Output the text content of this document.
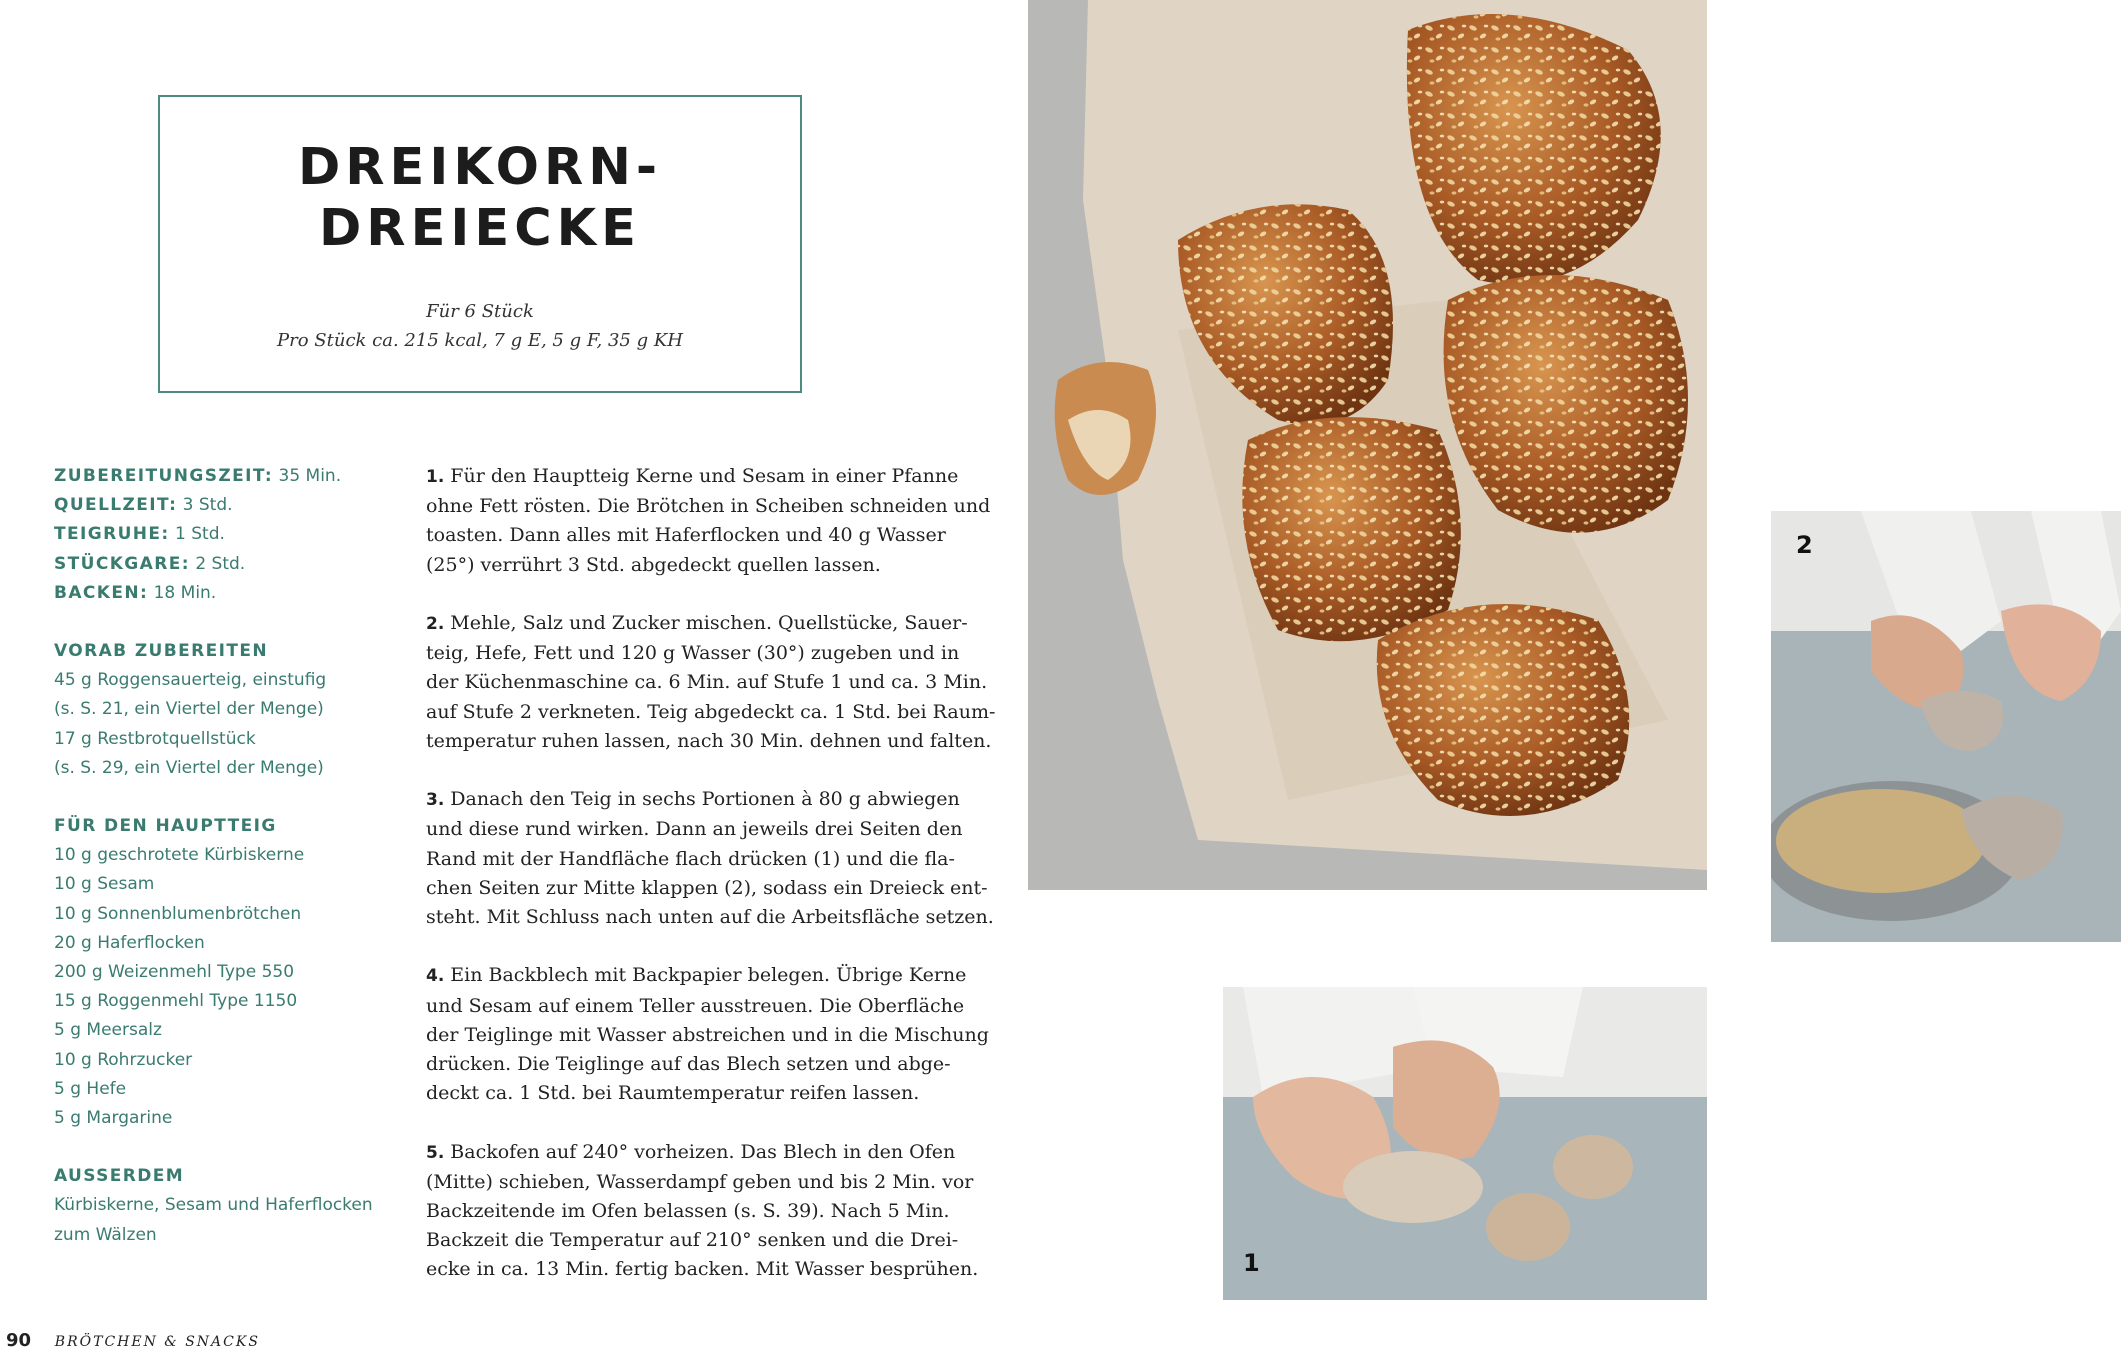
DREIKORN-
DREIECKE
Für 6 Stück
Pro Stück ca. 215 kcal, 7 g E, 5 g F, 35 g KH
ZUBEREITUNGSZEIT: 35 Min.
QUELLZEIT: 3 Std.
TEIGRUHE: 1 Std.
STÜCKGARE: 2 Std.
BACKEN: 18 Min.
VORAB ZUBEREITEN
45 g Roggensauerteig, einstufig
(s. S. 21, ein Viertel der Menge)
17 g Restbrotquellstück
(s. S. 29, ein Viertel der Menge)
FÜR DEN HAUPTTEIG
10 g geschrotete Kürbiskerne
10 g Sesam
10 g Sonnenblumenbrötchen
20 g Haferflocken
200 g Weizenmehl Type 550
15 g Roggenmehl Type 1150
5 g Meersalz
10 g Rohrzucker
5 g Hefe
5 g Margarine
AUSSERDEM
Kürbiskerne, Sesam und Haferflocken
zum Wälzen
1. Für den Hauptteig Kerne und Sesam in einer Pfanne
ohne Fett rösten. Die Brötchen in Scheiben schneiden und
toasten. Dann alles mit Haferflocken und 40 g Wasser
(25°) verrührt 3 Std. abgedeckt quellen lassen.
2. Mehle, Salz und Zucker mischen. Quellstücke, Sauer-
teig, Hefe, Fett und 120 g Wasser (30°) zugeben und in
der Küchenmaschine ca. 6 Min. auf Stufe 1 und ca. 3 Min.
auf Stufe 2 verkneten. Teig abgedeckt ca. 1 Std. bei Raum-
temperatur ruhen lassen, nach 30 Min. dehnen und falten.
3. Danach den Teig in sechs Portionen à 80 g abwiegen
und diese rund wirken. Dann an jeweils drei Seiten den
Rand mit der Handfläche flach drücken (1) und die fla-
chen Seiten zur Mitte klappen (2), sodass ein Dreieck ent-
steht. Mit Schluss nach unten auf die Arbeitsfläche setzen.
4. Ein Backblech mit Backpapier belegen. Übrige Kerne
und Sesam auf einem Teller ausstreuen. Die Oberfläche
der Teiglinge mit Wasser abstreichen und in die Mischung
drücken. Die Teiglinge auf das Blech setzen und abge-
deckt ca. 1 Std. bei Raumtemperatur reifen lassen.
5. Backofen auf 240° vorheizen. Das Blech in den Ofen
(Mitte) schieben, Wasserdampf geben und bis 2 Min. vor
Backzeitende im Ofen belassen (s. S. 39). Nach 5 Min.
Backzeit die Temperatur auf 210° senken und die Drei-
ecke in ca. 13 Min. fertig backen. Mit Wasser besprühen.
90 BRÖTCHEN & SNACKS
2
1
